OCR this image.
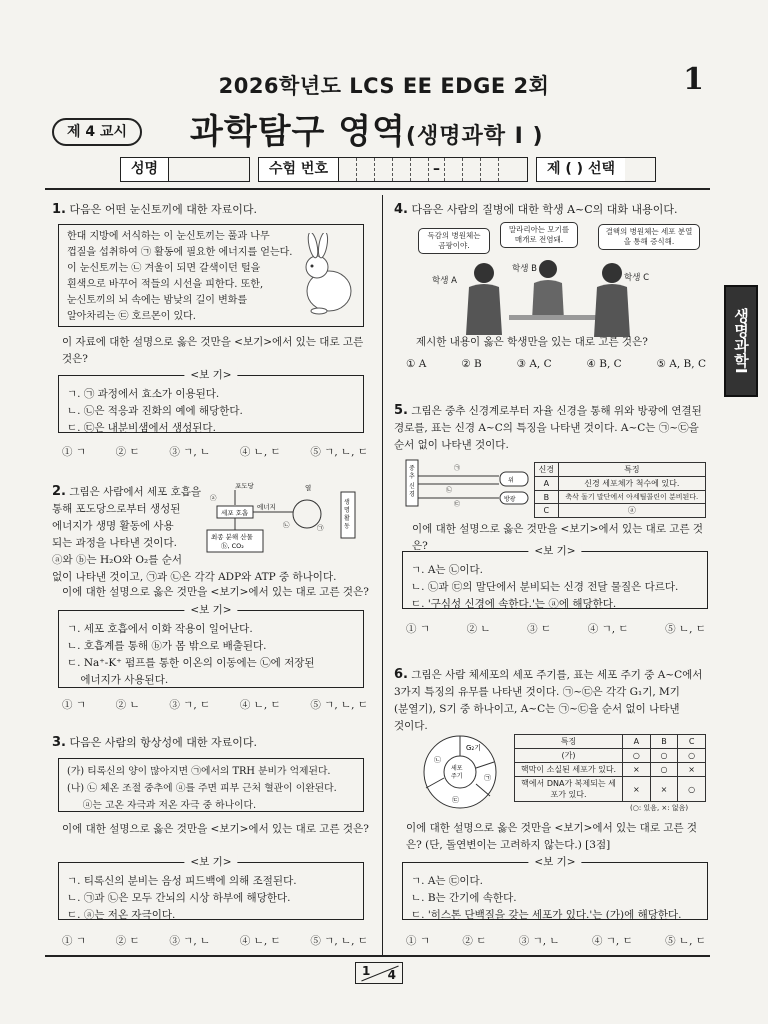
2026학년도 LCS EE EDGE 2회	1
제 4 교시	과학탐구 영역(생명과학 I )
성명	수험 번호	–	제 ( ) 선택
생명과학I
1. 다음은 어떤 눈신토끼에 대한 자료이다.
한대 지방에 서식하는 이 눈신토끼는 풀과 나무
껍질을 섭취하여 ㉠ 활동에 필요한 에너지를 얻는다.
이 눈신토끼는 ㉡ 겨울이 되면 갈색이던 털을
흰색으로 바꾸어 적들의 시선을 피한다. 또한,
눈신토끼의 뇌 속에는 밤낮의 길이 변화를
알아차리는 ㉢ 호르몬이 있다.
이 자료에 대한 설명으로 옳은 것만을 <보기>에서 있는 대로 고른 것은?
<보 기>
ㄱ. ㉠ 과정에서 효소가 이용된다.
ㄴ. ㉡은 적응과 진화의 예에 해당한다.
ㄷ. ㉢은 내분비샘에서 생성된다.
① ㄱ	② ㄷ	③ ㄱ, ㄴ	④ ㄴ, ㄷ	⑤ ㄱ, ㄴ, ㄷ
2. 그림은 사람에서 세포 호흡을
통해 포도당으로부터 생성된
에너지가 생명 활동에 사용
되는 과정을 나타낸 것이다.
ⓐ와 ⓑ는 H₂O와 O₂를 순서
없이 나타낸 것이고, ㉠과 ㉡은 각각 ADP와 ATP 중 하나이다.
세포 호흡
포도당
ⓐ
에너지
㉡	㉠
열
생
명
활
동
최종 분해 산물
ⓑ, CO₂
이에 대한 설명으로 옳은 것만을 <보기>에서 있는 대로 고른 것은?
<보 기>
ㄱ. 세포 호흡에서 이화 작용이 일어난다.
ㄴ. 호흡계를 통해 ⓑ가 몸 밖으로 배출된다.
ㄷ. Na⁺-K⁺ 펌프를 통한 이온의 이동에는 ㉡에 저장된
에너지가 사용된다.
① ㄱ	② ㄴ	③ ㄱ, ㄷ	④ ㄴ, ㄷ	⑤ ㄱ, ㄴ, ㄷ
3. 다음은 사람의 항상성에 대한 자료이다.
(가) 티록신의 양이 많아지면 ㉠에서의 TRH 분비가 억제된다.
(나) ㉡ 체온 조절 중추에 ⓐ를 주면 피부 근처 혈관이 이완된다.
ⓐ는 고온 자극과 저온 자극 중 하나이다.
이에 대한 설명으로 옳은 것만을 <보기>에서 있는 대로 고른 것은?
<보 기>
ㄱ. 티록신의 분비는 음성 피드백에 의해 조절된다.
ㄴ. ㉠과 ㉡은 모두 간뇌의 시상 하부에 해당한다.
ㄷ. ⓐ는 저온 자극이다.
① ㄱ	② ㄷ	③ ㄱ, ㄴ	④ ㄴ, ㄷ	⑤ ㄱ, ㄴ, ㄷ
4. 다음은 사람의 질병에 대한 학생 A~C의 대화 내용이다.
독감의 병원체는 곰팡이야.
말라리아는 모기를 매개로 전염돼.
결핵의 병원체는 세포 분열을 통해 증식해.
학생 A
학생 B
학생 C
제시한 내용이 옳은 학생만을 있는 대로 고른 것은?
① A	② B	③ A, C	④ B, C	⑤ A, B, C
5. 그림은 중추 신경계로부터 자율 신경을 통해 위와 방광에 연결된
경로를, 표는 신경 A~C의 특징을 나타낸 것이다. A~C는 ㉠~㉢을
순서 없이 나타낸 것이다.
중
추
신
경
㉠
㉡
㉢
위
방광
신경	특징
A	신경 세포체가 척수에 있다.
B	축삭 돌기 말단에서 아세틸콜린이 분비된다.
C	ⓐ
이에 대한 설명으로 옳은 것만을 <보기>에서 있는 대로 고른 것은?	<보 기>
ㄱ. A는 ㉡이다.
ㄴ. ㉡과 ㉢의 말단에서 분비되는 신경 전달 물질은 다르다.
ㄷ. '구심성 신경에 속한다.'는 ⓐ에 해당한다.
① ㄱ	② ㄴ	③ ㄷ	④ ㄱ, ㄷ	⑤ ㄴ, ㄷ
6. 그림은 사람 체세포의 세포 주기를, 표는 세포 주기 중 A~C에서
3가지 특징의 유무를 나타낸 것이다. ㉠~㉢은 각각 G₁기, M기
(분열기), S기 중 하나이고, A~C는 ㉠~㉢을 순서 없이 나타낸
것이다.
세포
주기
G₂기
㉠
㉡
㉢
특징	A	B	C
(가)	○	○	○
핵막이 소실된 세포가 있다.	×	○	×
핵에서 DNA가 복제되는 세포가 있다.	×	×	○
(○: 있음, ×: 없음)
이에 대한 설명으로 옳은 것만을 <보기>에서 있는 대로 고른 것은? (단, 돌연변이는 고려하지 않는다.) [3점]
<보 기>
ㄱ. A는 ㉢이다.
ㄴ. B는 간기에 속한다.
ㄷ. '히스톤 단백질을 갖는 세포가 있다.'는 (가)에 해당한다.
① ㄱ	② ㄷ	③ ㄱ, ㄴ	④ ㄱ, ㄷ	⑤ ㄴ, ㄷ
1 4
